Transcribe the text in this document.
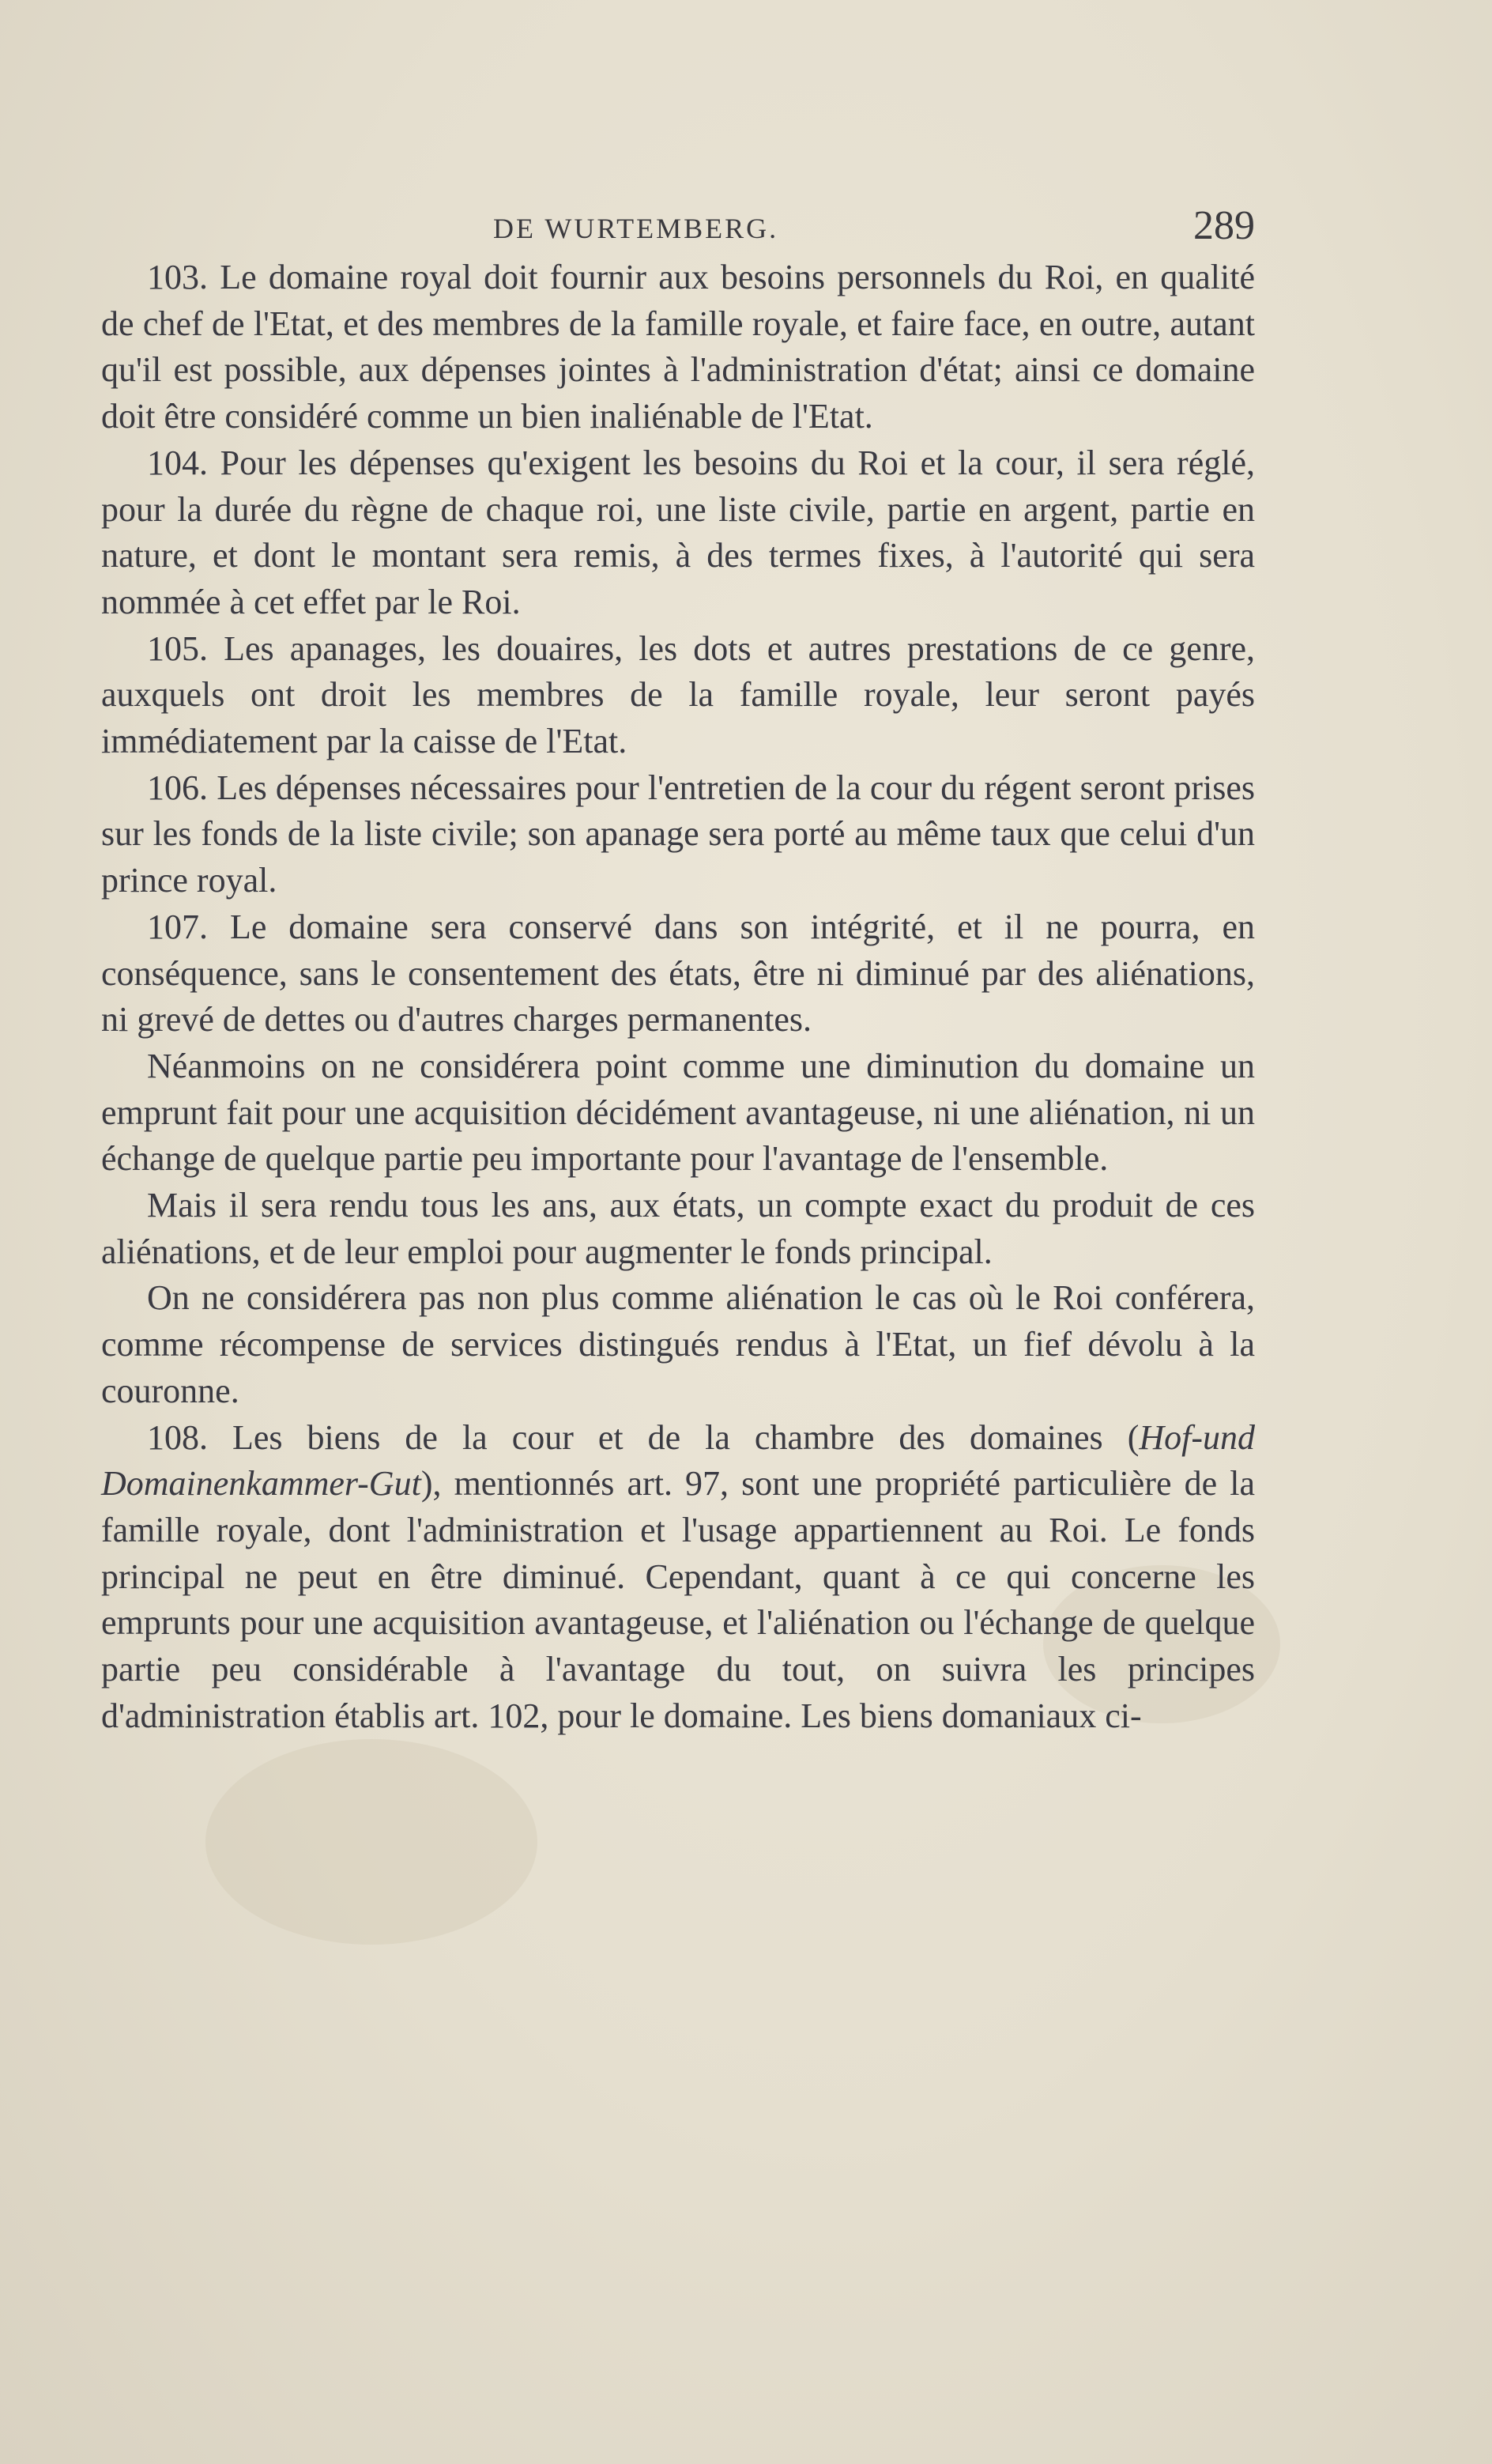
DE WURTEMBERG.	289

103. Le domaine royal doit fournir aux besoins personnels du Roi, en qualité de chef de l'Etat, et des membres de la famille royale, et faire face, en outre, autant qu'il est possible, aux dépenses jointes à l'administration d'état; ainsi ce domaine doit être considéré comme un bien inaliénable de l'Etat.

104. Pour les dépenses qu'exigent les besoins du Roi et la cour, il sera réglé, pour la durée du règne de chaque roi, une liste civile, partie en argent, partie en nature, et dont le montant sera remis, à des termes fixes, à l'autorité qui sera nommée à cet effet par le Roi.

105. Les apanages, les douaires, les dots et autres prestations de ce genre, auxquels ont droit les membres de la famille royale, leur seront payés immédiatement par la caisse de l'Etat.

106. Les dépenses nécessaires pour l'entretien de la cour du régent seront prises sur les fonds de la liste civile; son apanage sera porté au même taux que celui d'un prince royal.

107. Le domaine sera conservé dans son intégrité, et il ne pourra, en conséquence, sans le consentement des états, être ni diminué par des aliénations, ni grevé de dettes ou d'autres charges permanentes.

Néanmoins on ne considérera point comme une diminution du domaine un emprunt fait pour une acquisition décidément avantageuse, ni une aliénation, ni un échange de quelque partie peu importante pour l'avantage de l'ensemble.

Mais il sera rendu tous les ans, aux états, un compte exact du produit de ces aliénations, et de leur emploi pour augmenter le fonds principal.

On ne considérera pas non plus comme aliénation le cas où le Roi conférera, comme récompense de services distingués rendus à l'Etat, un fief dévolu à la couronne.

108. Les biens de la cour et de la chambre des domaines (Hof-und Domainenkammer-Gut), mentionnés art. 97, sont une propriété particulière de la famille royale, dont l'administration et l'usage appartiennent au Roi. Le fonds principal ne peut en être diminué. Cependant, quant à ce qui concerne les emprunts pour une acquisition avantageuse, et l'aliénation ou l'échange de quelque partie peu considérable à l'avantage du tout, on suivra les principes d'administration établis art. 102, pour le domaine. Les biens domaniaux ci-
